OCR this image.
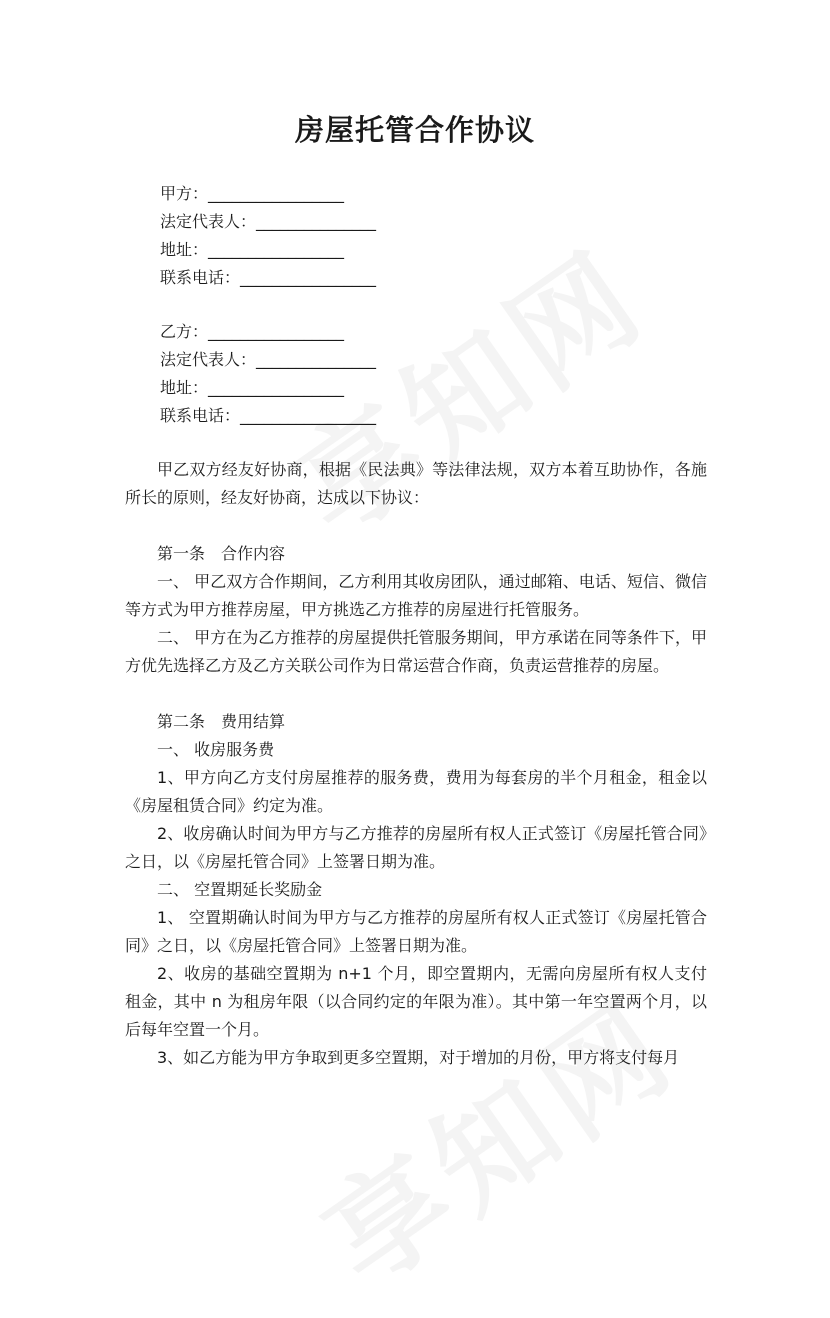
房屋托管合作协议
甲方：_________________
法定代表人：_______________
地址：_________________
联系电话：_________________
乙方：_________________
法定代表人：_______________
地址：_________________
联系电话：_________________

甲乙双方经友好协商，根据《民法典》等法律法规，双方本着互助协作，各施所长的原则，经友好协商，达成以下协议：

第一条　合作内容

一、 甲乙双方合作期间，乙方利用其收房团队，通过邮箱、电话、短信、微信等方式为甲方推荐房屋，甲方挑选乙方推荐的房屋进行托管服务。

二、 甲方在为乙方推荐的房屋提供托管服务期间，甲方承诺在同等条件下，甲方优先选择乙方及乙方关联公司作为日常运营合作商，负责运营推荐的房屋。

第二条　费用结算

一、 收房服务费

1、甲方向乙方支付房屋推荐的服务费，费用为每套房的半个月租金，租金以《房屋租赁合同》约定为准。

2、收房确认时间为甲方与乙方推荐的房屋所有权人正式签订《房屋托管合同》之日，以《房屋托管合同》上签署日期为准。

二、 空置期延长奖励金

1、 空置期确认时间为甲方与乙方推荐的房屋所有权人正式签订《房屋托管合同》之日，以《房屋托管合同》上签署日期为准。

2、收房的基础空置期为 n+1 个月，即空置期内，无需向房屋所有权人支付租金，其中 n 为租房年限（以合同约定的年限为准）。其中第一年空置两个月，以后每年空置一个月。

3、如乙方能为甲方争取到更多空置期，对于增加的月份，甲方将支付每月
